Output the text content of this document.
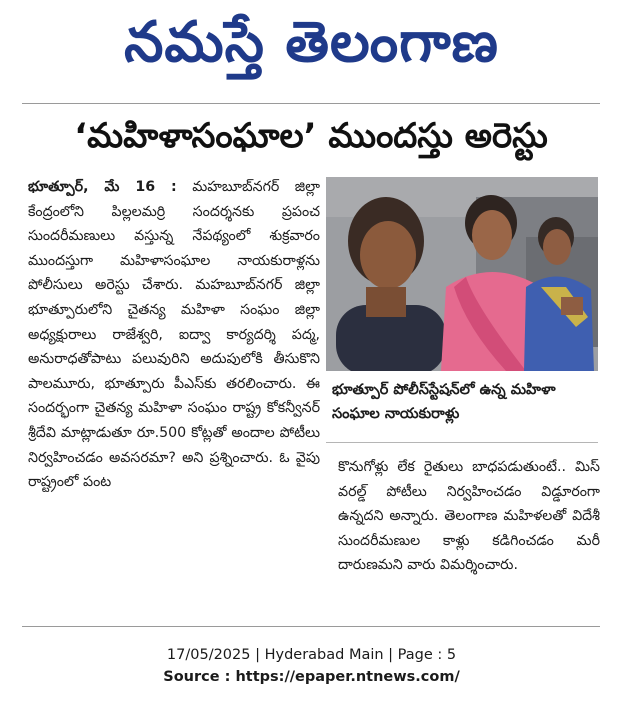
నమస్తే తెలంగాణ
‘మహిళాసంఘాల’ ముందస్తు అరెస్టు

భూత్పూర్, మే 16 : మహబూబ్‌నగర్ జిల్లా కేంద్రంలోని పిల్లలమర్రి సందర్శనకు ప్రపంచ సుందరీమణులు వస్తున్న నేపథ్యంలో శుక్రవారం ముందస్తుగా మహిళాసంఘాల నాయకురాళ్లను పోలీసులు అరెస్టు చేశారు. మహబూబ్‌నగర్ జిల్లా భూత్పూరులోని చైతన్య మహిళా సంఘం జిల్లా అధ్యక్షురాలు రాజేశ్వరి, ఐద్వా కార్యదర్శి పద్మ, అనురాధతోపాటు పలువురిని అదుపులోకి తీసుకొని పాలమూరు, భూత్పూరు పీఎస్‌కు తరలించారు. ఈ సందర్భంగా చైతన్య మహిళా సంఘం రాష్ట్ర కోకన్వీనర్ శ్రీదేవి మాట్లాడుతూ రూ.500 కోట్లతో అందాల పోటీలు నిర్వహించడం అవసరమా? అని ప్రశ్నించారు. ఓ వైపు రాష్ట్రంలో పంట

భూత్పూర్ పోలీస్‌స్టేషన్‌లో ఉన్న మహిళా సంఘాల నాయకురాళ్లు

కొనుగోళ్లు లేక రైతులు బాధపడుతుంటే.. మిస్ వరల్డ్ పోటీలు నిర్వహించడం విడ్డూరంగా ఉన్నదని అన్నారు. తెలంగాణ మహిళలతో విదేశీ సుందరీమణుల కాళ్లు కడిగించడం మరీ దారుణమని వారు విమర్శించారు.

17/05/2025 | Hyderabad Main | Page : 5
Source : https://epaper.ntnews.com/
